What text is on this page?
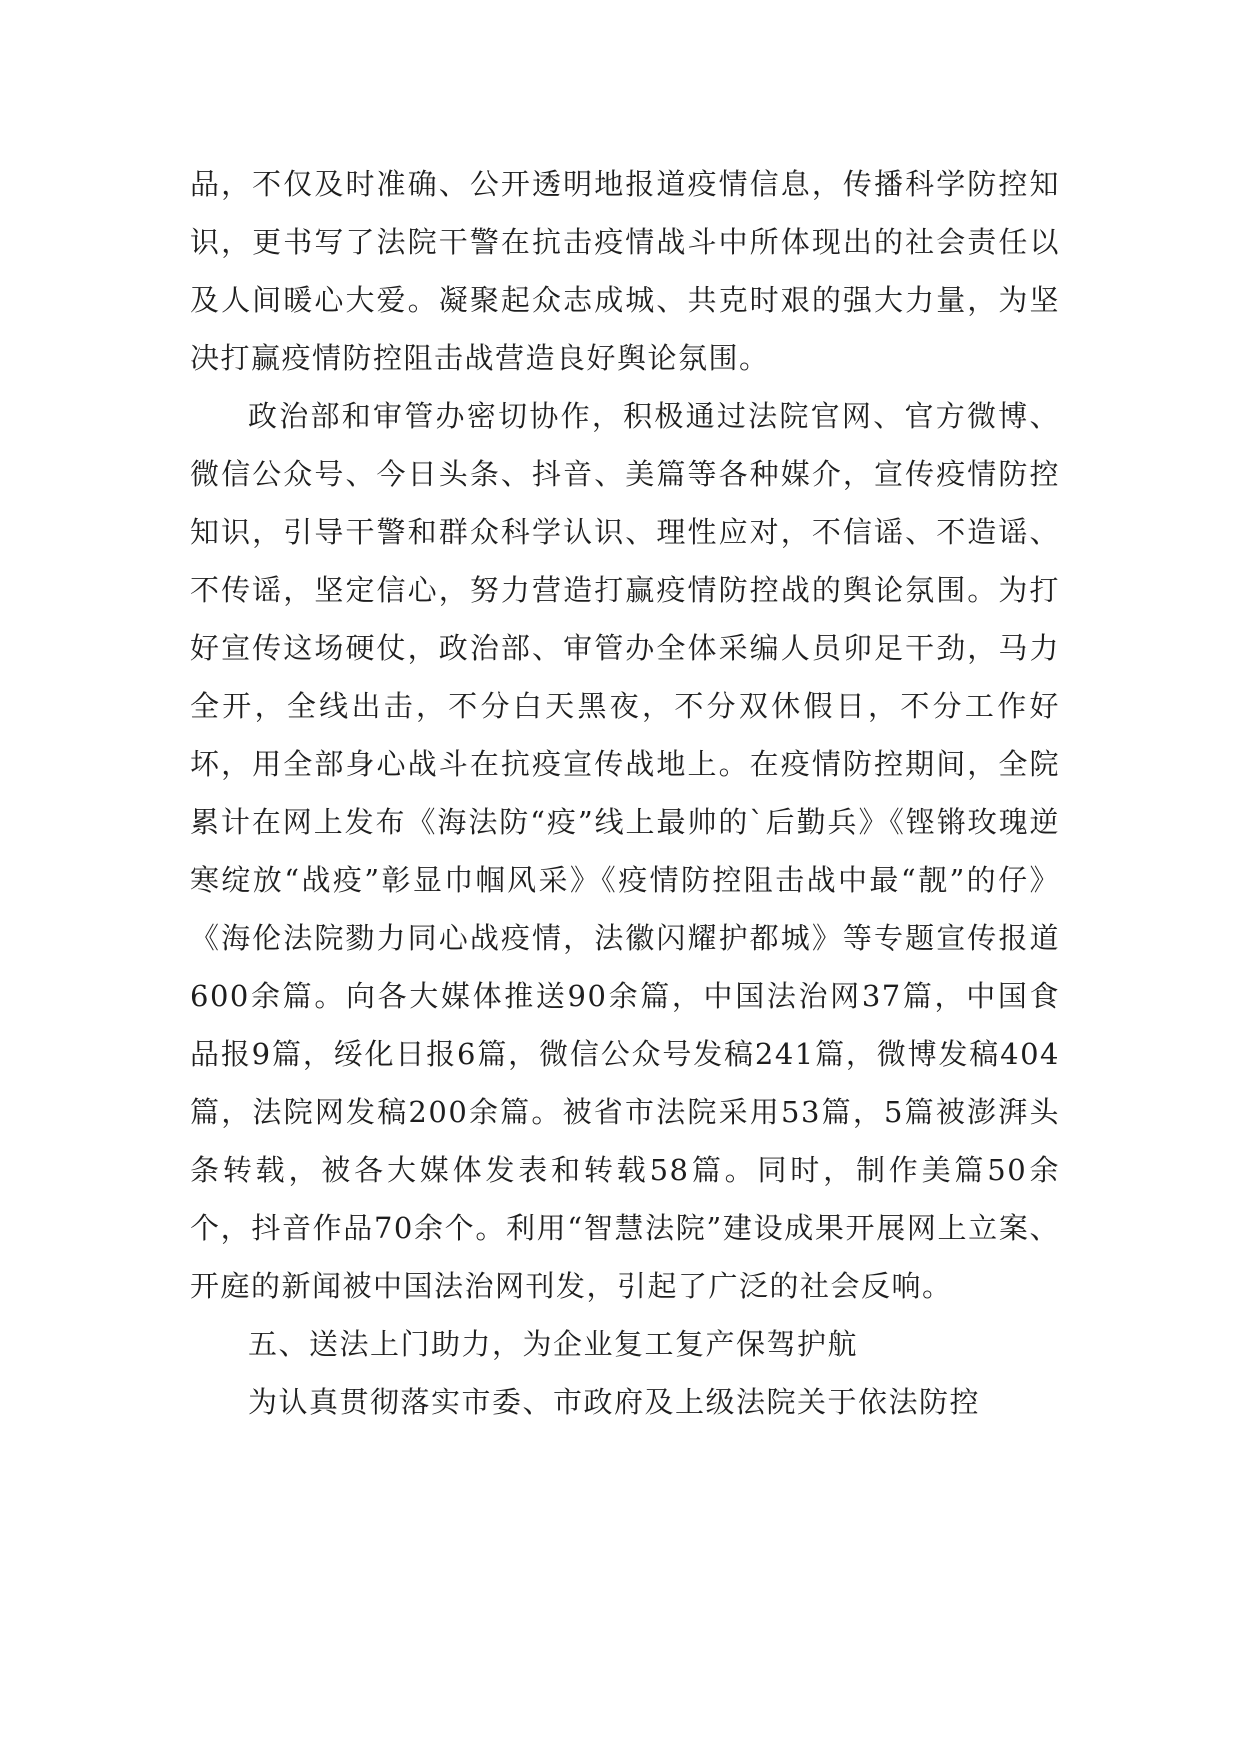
品，不仅及时准确、公开透明地报道疫情信息，传播科学防控知识，更书写了法院干警在抗击疫情战斗中所体现出的社会责任以及人间暖心大爱。凝聚起众志成城、共克时艰的强大力量，为坚决打赢疫情防控阻击战营造良好舆论氛围。

政治部和审管办密切协作，积极通过法院官网、官方微博、微信公众号、今日头条、抖音、美篇等各种媒介，宣传疫情防控知识，引导干警和群众科学认识、理性应对，不信谣、不造谣、不传谣，坚定信心，努力营造打赢疫情防控战的舆论氛围。为打好宣传这场硬仗，政治部、审管办全体采编人员卯足干劲，马力全开，全线出击，不分白天黑夜，不分双休假日，不分工作好坏，用全部身心战斗在抗疫宣传战地上。在疫情防控期间，全院累计在网上发布《海法防“疫”线上最帅的`后勤兵》《铿锵玫瑰逆寒绽放“战疫”彰显巾帼风采》《疫情防控阻击战中最“靓”的仔》《海伦法院勠力同心战疫情，法徽闪耀护都城》等专题宣传报道600余篇。向各大媒体推送90余篇，中国法治网37篇，中国食品报9篇，绥化日报6篇，微信公众号发稿241篇，微博发稿404篇，法院网发稿200余篇。被省市法院采用53篇，5篇被澎湃头条转载，被各大媒体发表和转载58篇。同时，制作美篇50余个，抖音作品70余个。利用“智慧法院”建设成果开展网上立案、开庭的新闻被中国法治网刊发，引起了广泛的社会反响。

五、送法上门助力，为企业复工复产保驾护航

为认真贯彻落实市委、市政府及上级法院关于依法防控
